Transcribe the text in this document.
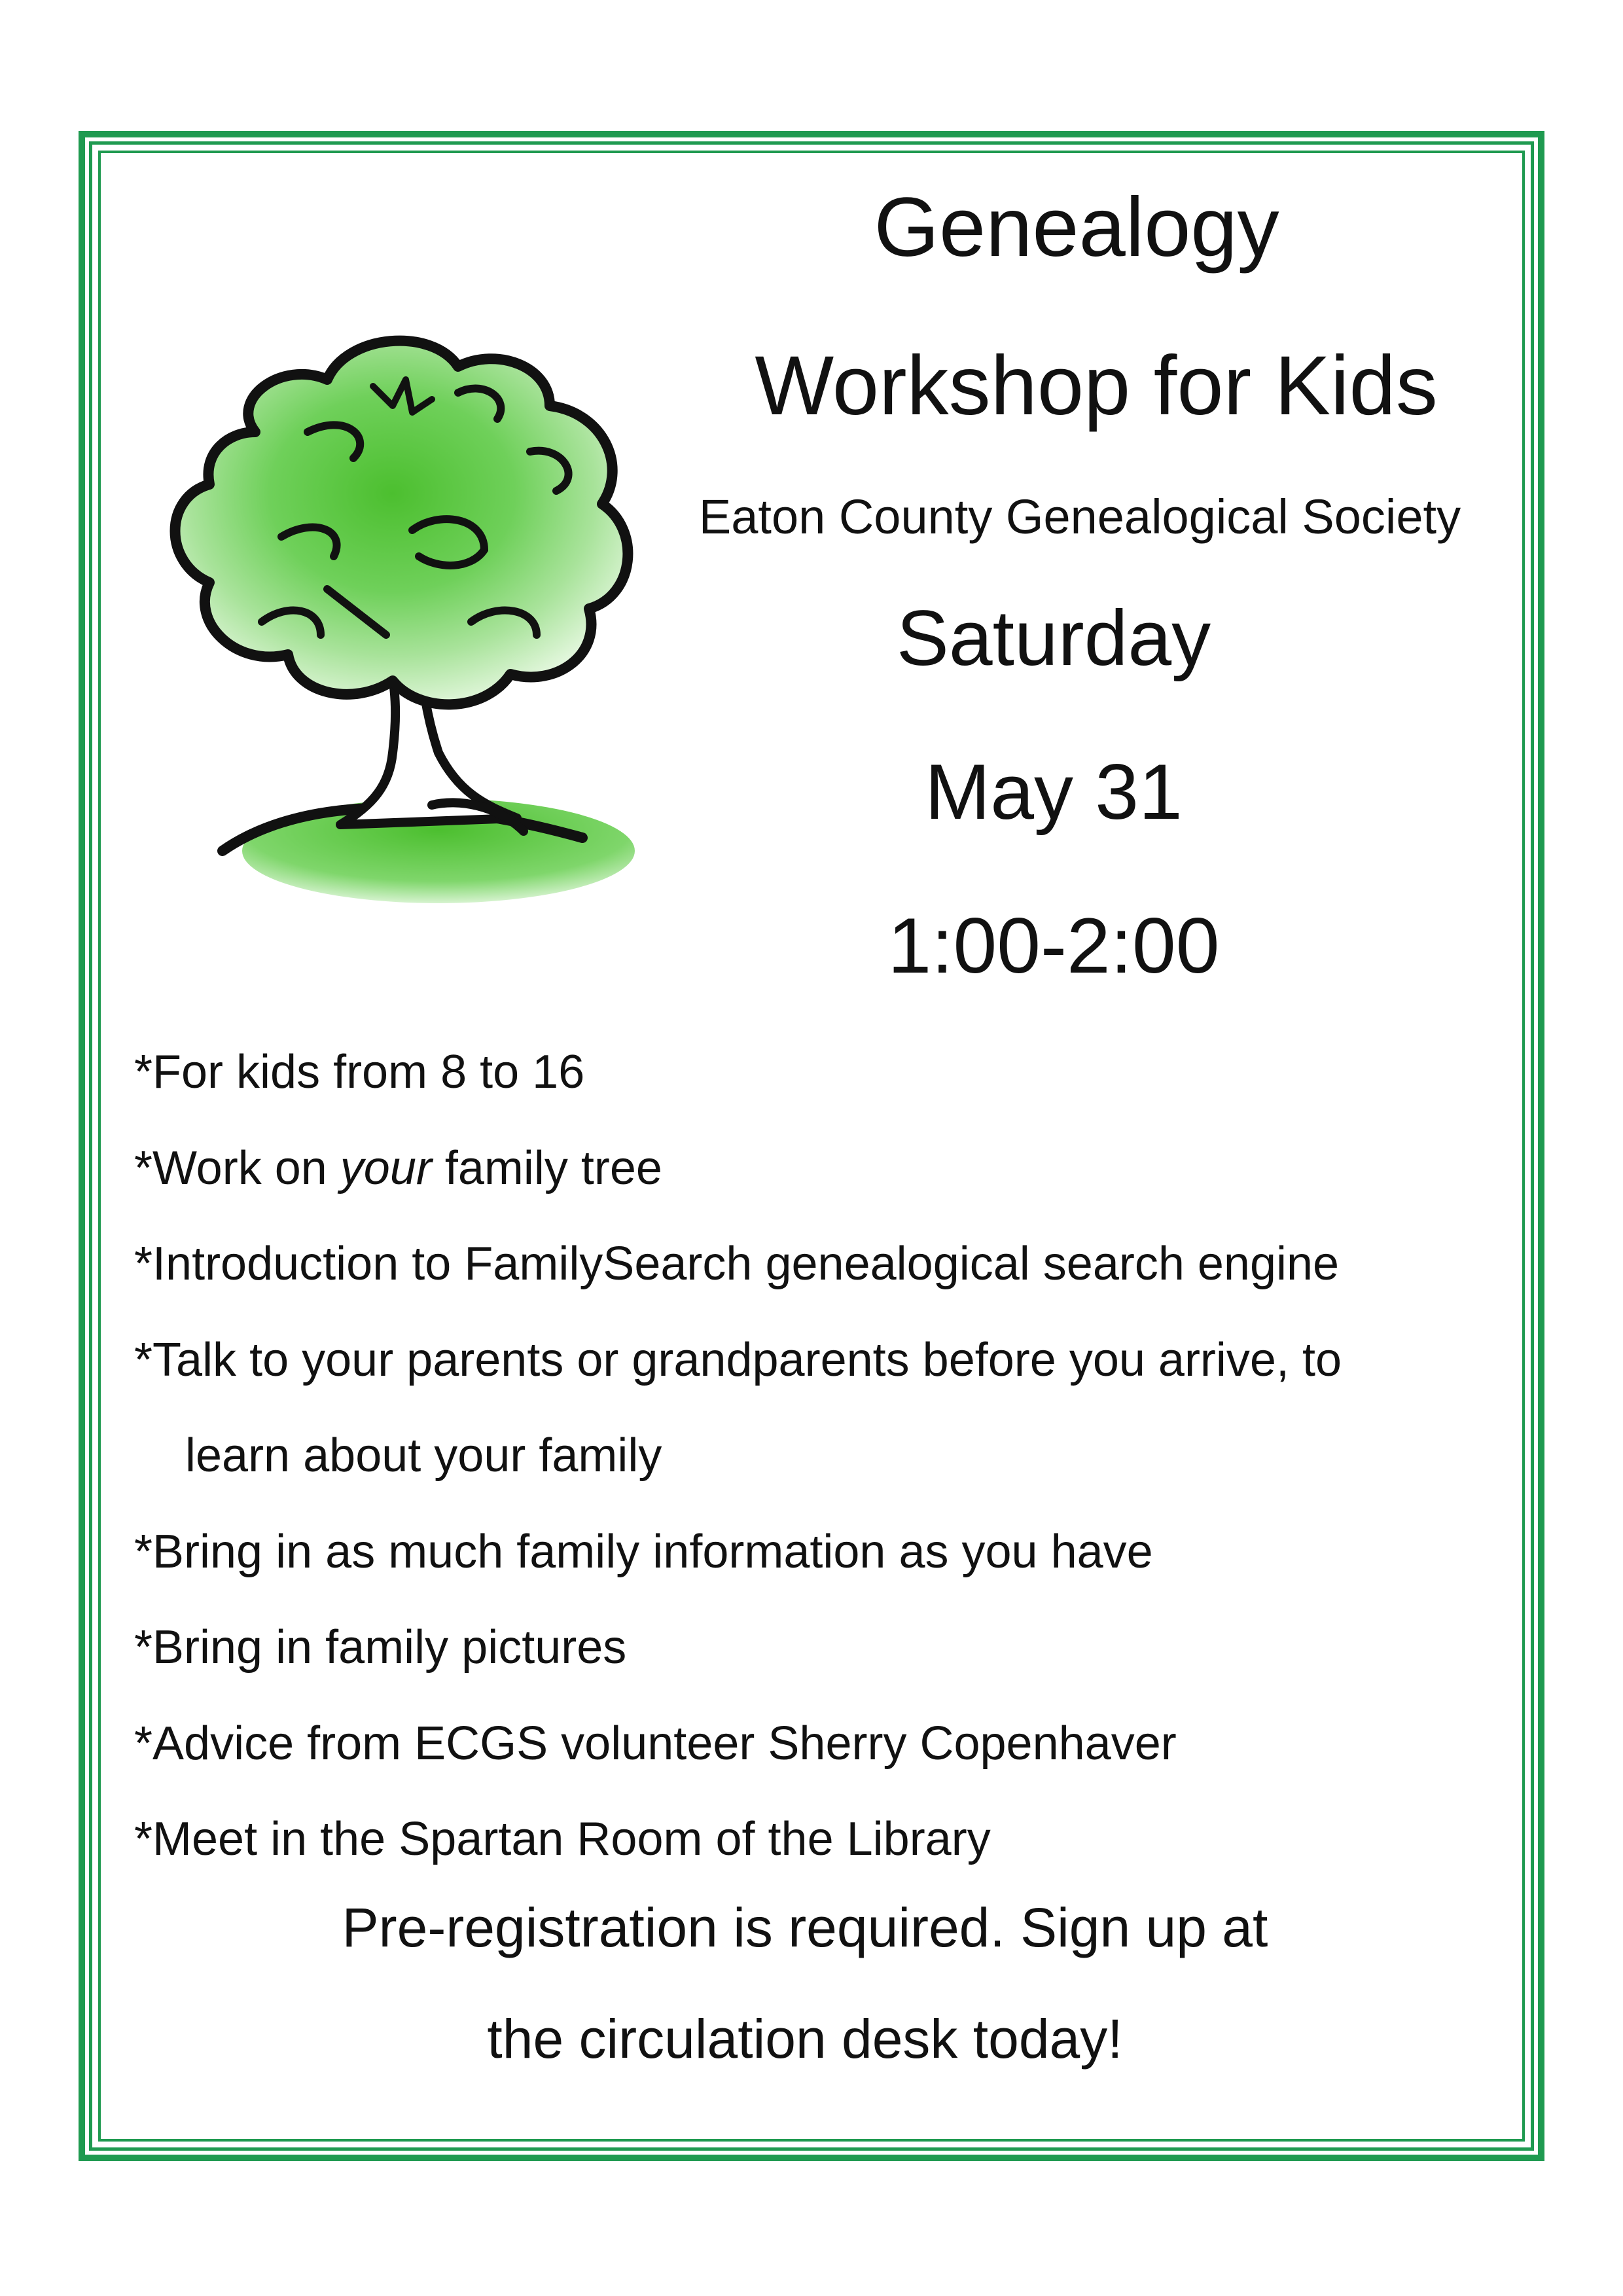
Genealogy
Workshop for Kids
Eaton County Genealogical Society
Saturday
May 31
1:00-2:00
*For kids from 8 to 16
*Work on your family tree
*Introduction to FamilySearch genealogical search engine
*Talk to your parents or grandparents before you arrive, to
learn about your family
*Bring in as much family information as you have
*Bring in family pictures
*Advice from ECGS volunteer Sherry Copenhaver
*Meet in the Spartan Room of the Library
Pre-registration is required. Sign up at
the circulation desk today!
